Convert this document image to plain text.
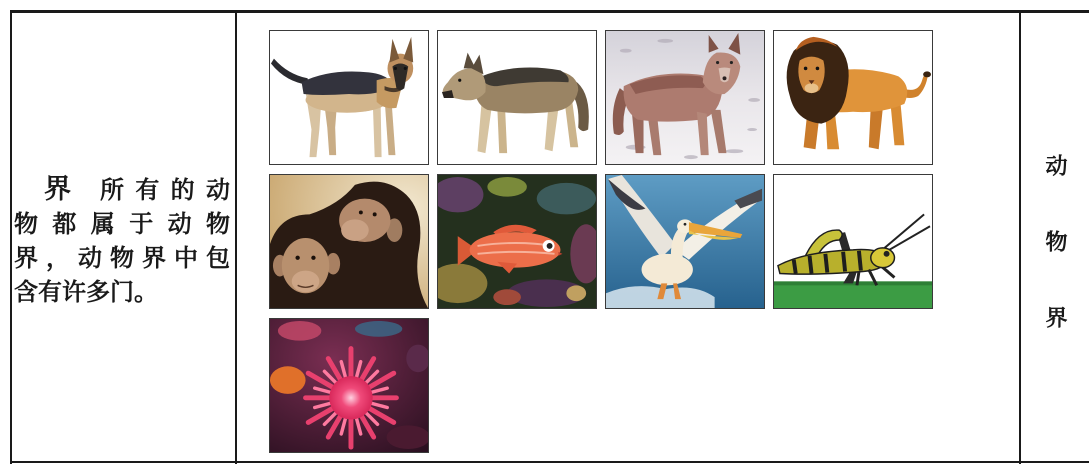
界 所有的动
物都属于动物
界，动物界中包
含有许多门。	动物界
